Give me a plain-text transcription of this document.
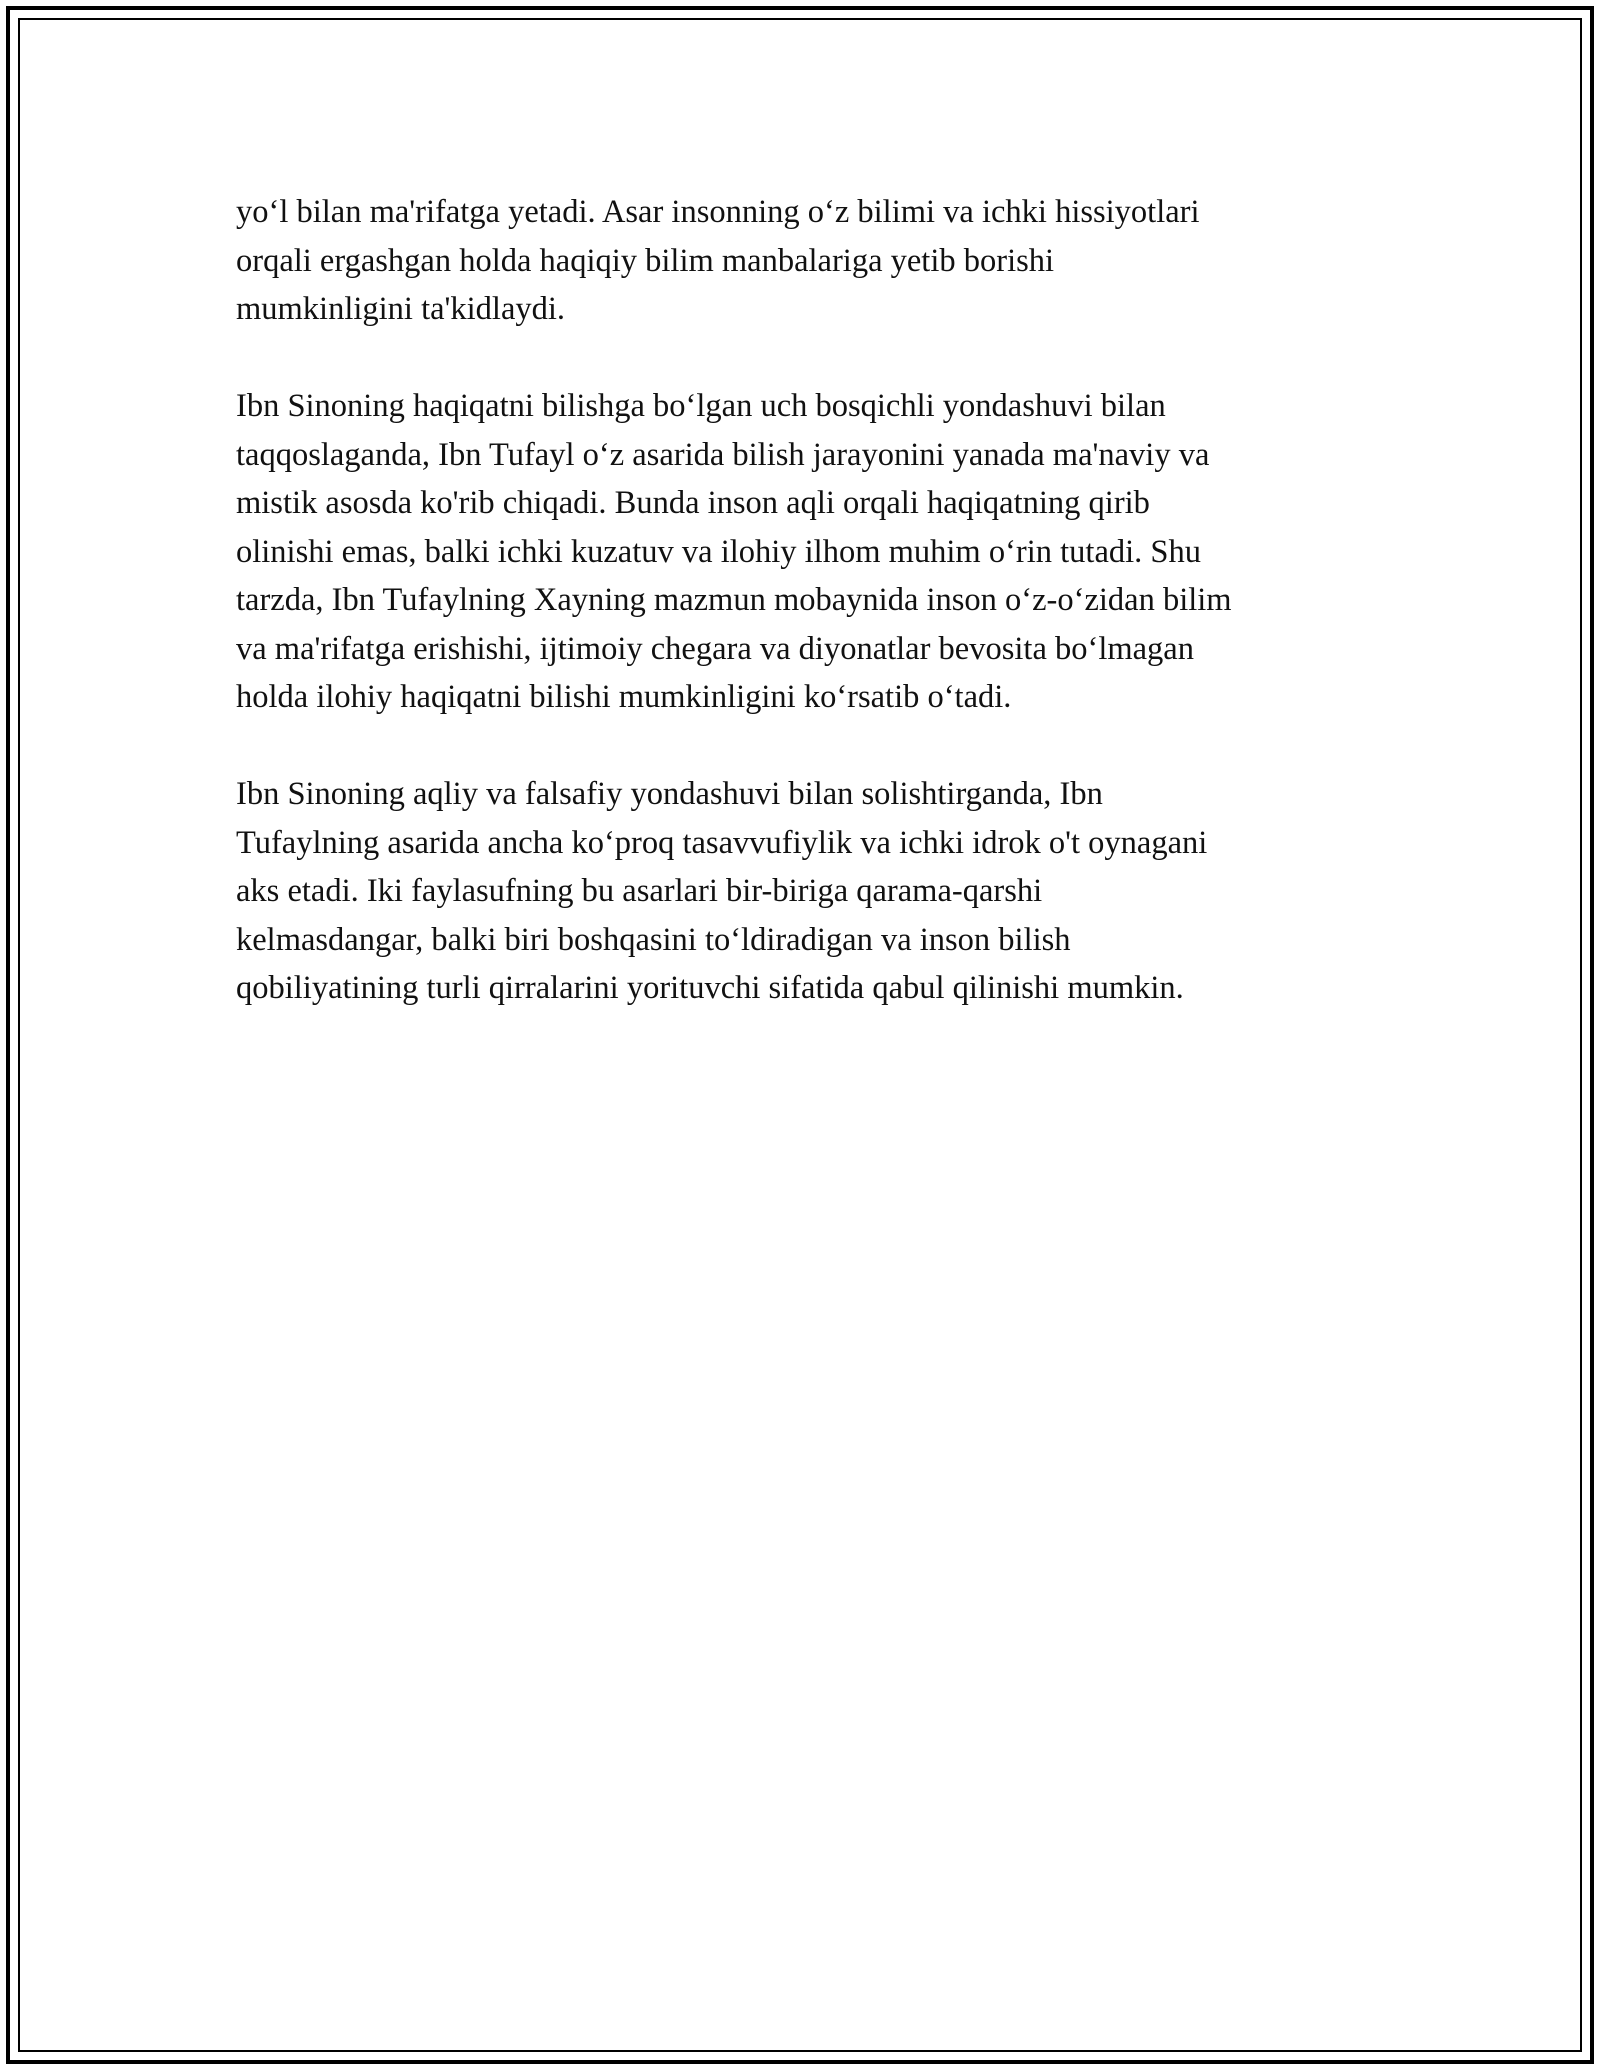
yo‘l bilan ma'rifatga yetadi. Asar insonning o‘z bilimi va ichki hissiyotlari
orqali ergashgan holda haqiqiy bilim manbalariga yetib borishi
mumkinligini ta'kidlaydi.

Ibn Sinoning haqiqatni bilishga bo‘lgan uch bosqichli yondashuvi bilan
taqqoslaganda, Ibn Tufayl o‘z asarida bilish jarayonini yanada ma'naviy va
mistik asosda ko'rib chiqadi. Bunda inson aqli orqali haqiqatning qirib
olinishi emas, balki ichki kuzatuv va ilohiy ilhom muhim o‘rin tutadi. Shu
tarzda, Ibn Tufaylning Xayning mazmun mobaynida inson o‘z-o‘zidan bilim
va ma'rifatga erishishi, ijtimoiy chegara va diyonatlar bevosita bo‘lmagan
holda ilohiy haqiqatni bilishi mumkinligini ko‘rsatib o‘tadi.

Ibn Sinoning aqliy va falsafiy yondashuvi bilan solishtirganda, Ibn
Tufaylning asarida ancha ko‘proq tasavvufiylik va ichki idrok o't oynagani
aks etadi. Iki faylasufning bu asarlari bir-biriga qarama-qarshi
kelmasdangar, balki biri boshqasini to‘ldiradigan va inson bilish
qobiliyatining turli qirralarini yorituvchi sifatida qabul qilinishi mumkin.
